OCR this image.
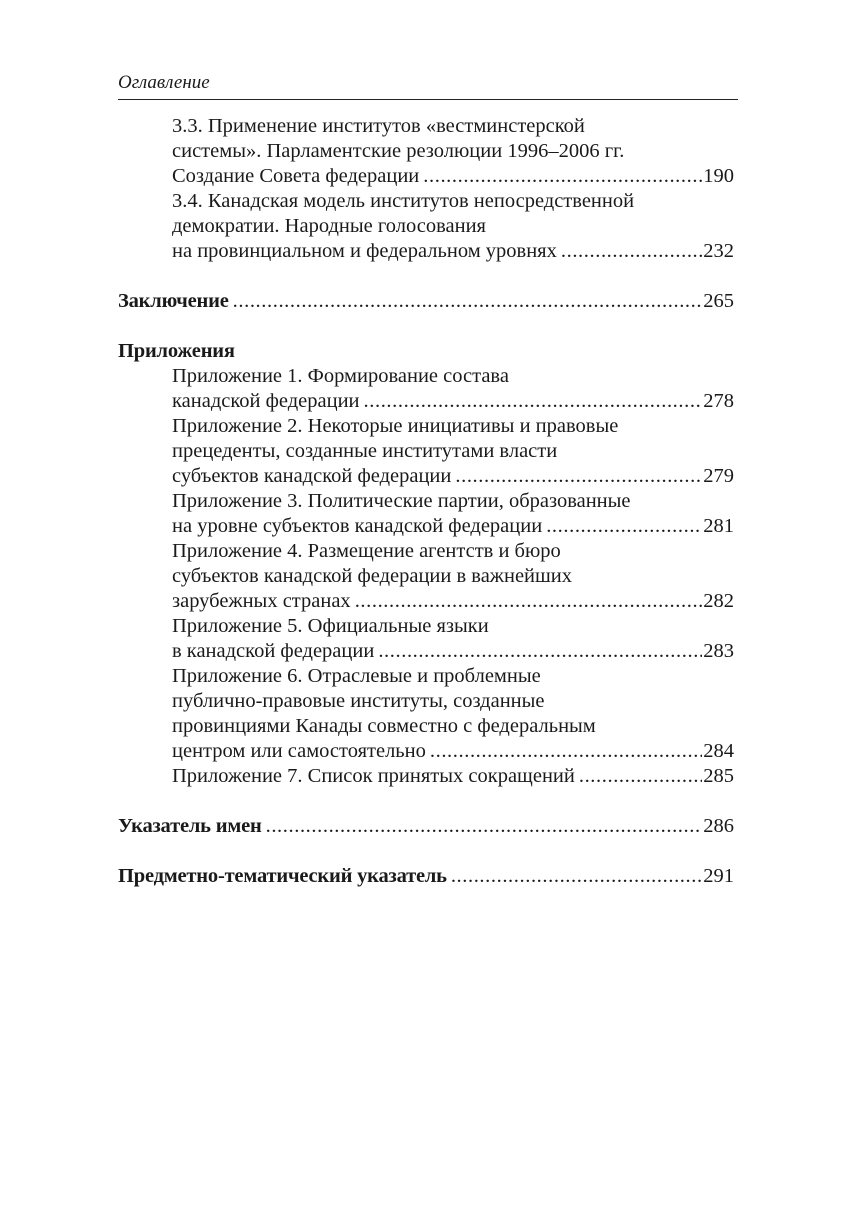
Оглавление
3.3. Применение институтов «вестминстерской
системы». Парламентские резолюции 1996–2006 гг.
Создание Совета федерации .....	190
3.4. Канадская модель институтов непосредственной
демократии. Народные голосования
на провинциальном и федеральном уровнях .....	232
Заключение .....	265
Приложения
Приложение 1. Формирование состава
канадской федерации .....	278
Приложение 2. Некоторые инициативы и правовые
прецеденты, созданные институтами власти
субъектов канадской федерации .....	279
Приложение 3. Политические партии, образованные
на уровне субъектов канадской федерации .....	281
Приложение 4. Размещение агентств и бюро
субъектов канадской федерации в важнейших
зарубежных странах .....	282
Приложение 5. Официальные языки
в канадской федерации .....	283
Приложение 6. Отраслевые и проблемные
публично-правовые институты, созданные
провинциями Канады совместно с федеральным
центром или самостоятельно .....	284
Приложение 7. Список принятых сокращений .....	285
Указатель имен .....	286
Предметно-тематический указатель .....	291
